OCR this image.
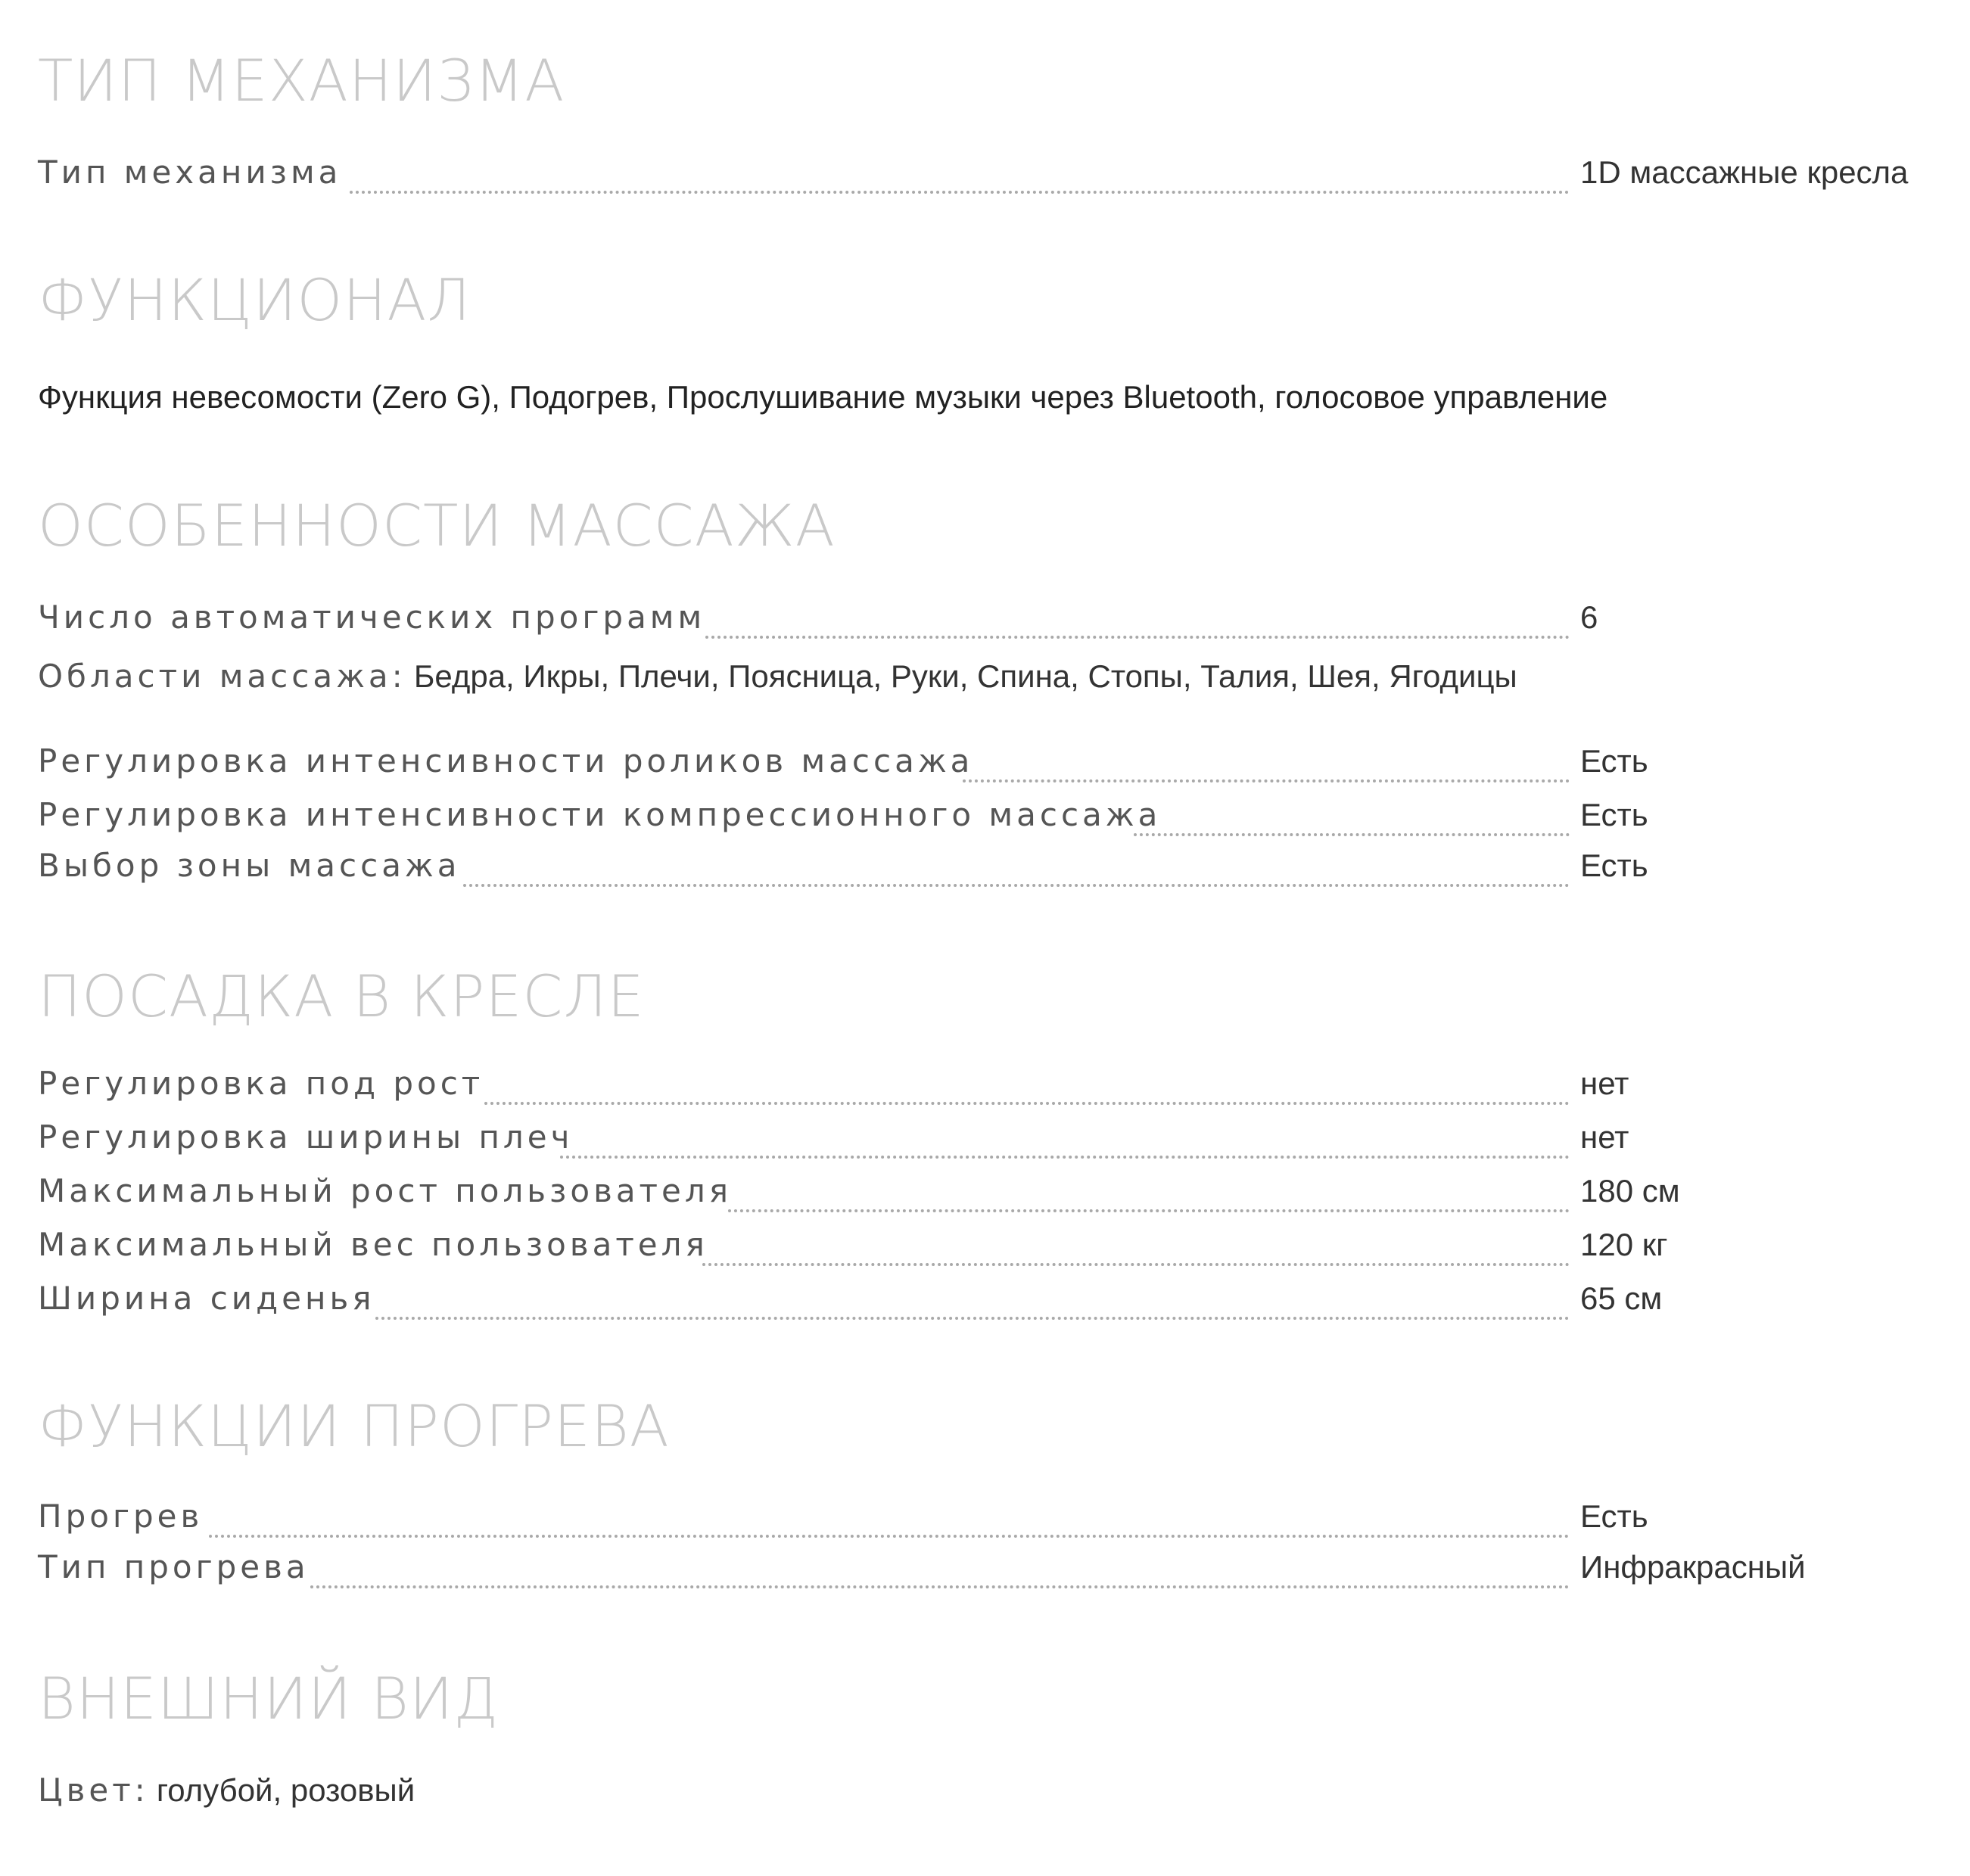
ТИП МЕХАНИЗМА
Тип механизма	1D массажные кресла
ФУНКЦИОНАЛ
Функция невесомости (Zero G), Подогрев, Прослушивание музыки через Bluetooth, голосовое управление
ОСОБЕННОСТИ МАССАЖА
Число автоматических программ	6
Области массажа: Бедра, Икры, Плечи, Поясница, Руки, Спина, Стопы, Талия, Шея, Ягодицы
Регулировка интенсивности роликов массажа	Есть
Регулировка интенсивности компрессионного массажа	Есть
Выбор зоны массажа	Есть
ПОСАДКА В КРЕСЛЕ
Регулировка под рост	нет
Регулировка ширины плеч	нет
Максимальный рост пользователя	180 см
Максимальный вес пользователя	120 кг
Ширина сиденья	65 см
ФУНКЦИИ ПРОГРЕВА
Прогрев	Есть
Тип прогрева	Инфракрасный
ВНЕШНИЙ ВИД
Цвет: голубой, розовый
